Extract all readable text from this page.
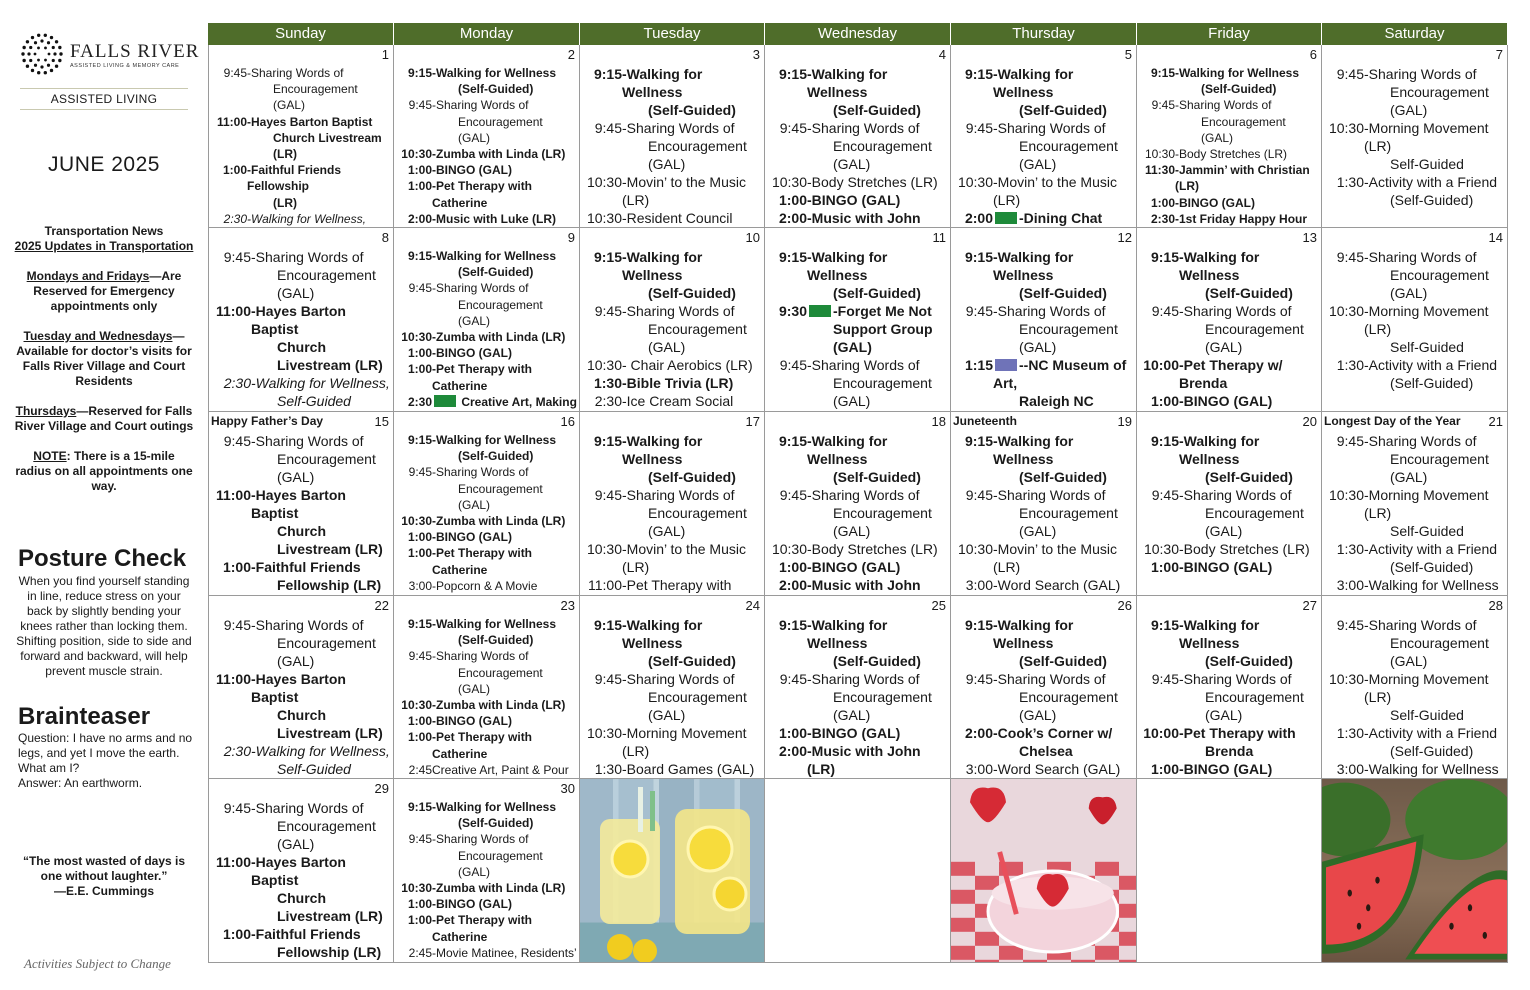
FALLS RIVER
ASSISTED LIVING & MEMORY CARE
ASSISTED LIVING
JUNE 2025

Transportation News

2025 Updates in Transportation

Mondays and Fridays—Are Reserved for Emergency appointments only

Tuesday and Wednesdays—Available for doctor’s visits for Falls River Village and Court Residents

Thursdays—Reserved for Falls River Village and Court outings

NOTE: There is a 15-mile radius on all appointments one way.

Posture Check
When you find yourself standing in line, reduce stress on your back by slightly bending your knees rather than locking them. Shifting position, side to side and forward and backward, will help prevent muscle strain.
Brainteaser
Question: I have no arms and no legs, and yet I move the earth. What am I?
Answer: An earthworm.
“The most wasted of days is one without laughter.”
—E.E. Cummings
Activities Subject to Change
Sunday	Monday	Tuesday	Wednesday	Thursday	Friday	Saturday
1
9:45 -Sharing Words of
Encouragement (GAL)
11:00 -Hayes Barton Baptist
Church Livestream (LR)
1:00 -Faithful Friends Fellowship
(LR)
2:30 -Walking for Wellness,
2
9:15 -Walking for Wellness
(Self-Guided)
9:45 -Sharing Words of
Encouragement (GAL)
10:30 -Zumba with Linda (LR)
1:00 -BINGO (GAL)
1:00 -Pet Therapy with Catherine
2:00 -Music with Luke (LR)
3
9:15 -Walking for Wellness
(Self-Guided)
9:45 -Sharing Words of
Encouragement (GAL)
10:30 -Movin’ to the Music (LR)
10:30 -Resident Council
4
9:15 -Walking for Wellness
(Self-Guided)
9:45 -Sharing Words of
Encouragement (GAL)
10:30 -Body Stretches (LR)
1:00 -BINGO (GAL)
2:00 -Music with John
5
9:15 -Walking for Wellness
(Self-Guided)
9:45 -Sharing Words of
Encouragement (GAL)
10:30 -Movin’ to the Music (LR)
2:00	-Dining Chat
6
9:15 -Walking for Wellness
(Self-Guided)
9:45 -Sharing Words of
Encouragement (GAL)
10:30 -Body Stretches (LR)
11:30 -Jammin’ with Christian (LR)
1:00 -BINGO (GAL)
2:30 -1st Friday Happy Hour
7
9:45 -Sharing Words of
Encouragement (GAL)
10:30 -Morning Movement (LR)
Self-Guided
1:30 -Activity with a Friend
(Self-Guided)
8
9:45 -Sharing Words of
Encouragement (GAL)
11:00 -Hayes Barton Baptist
Church Livestream (LR)
2:30 -Walking for Wellness,
Self-Guided
9
9:15 -Walking for Wellness
(Self-Guided)
9:45 -Sharing Words of
Encouragement (GAL)
10:30 -Zumba with Linda (LR)
1:00 -BINGO (GAL)
1:00 -Pet Therapy with Catherine
2:30	Creative Art, Making
10
9:15 -Walking for Wellness
(Self-Guided)
9:45 -Sharing Words of
Encouragement (GAL)
10:30 - Chair Aerobics (LR)
1:30 -Bible Trivia (LR)
2:30 -Ice Cream Social
11
9:15 -Walking for Wellness
(Self-Guided)
9:30	-Forget Me Not
Support Group (GAL)
9:45 -Sharing Words of
Encouragement (GAL)
12
9:15 -Walking for Wellness
(Self-Guided)
9:45 -Sharing Words of
Encouragement (GAL)
1:15	--NC Museum of Art,
Raleigh NC
13
9:15 -Walking for Wellness
(Self-Guided)
9:45 -Sharing Words of
Encouragement (GAL)
10:00 -Pet Therapy w/ Brenda
1:00 -BINGO (GAL)
14
9:45 -Sharing Words of
Encouragement (GAL)
10:30 -Morning Movement (LR)
Self-Guided
1:30 -Activity with a Friend
(Self-Guided)
15
Happy Father’s Day
9:45 -Sharing Words of
Encouragement (GAL)
11:00 -Hayes Barton Baptist
Church Livestream (LR)
1:00 -Faithful Friends
Fellowship (LR)
16
9:15 -Walking for Wellness
(Self-Guided)
9:45 -Sharing Words of
Encouragement (GAL)
10:30 -Zumba with Linda (LR)
1:00 -BINGO (GAL)
1:00 -Pet Therapy with Catherine
3:00 -Popcorn & A Movie
17
9:15 -Walking for Wellness
(Self-Guided)
9:45 -Sharing Words of
Encouragement (GAL)
10:30 -Movin’ to the Music (LR)
11:00 -Pet Therapy with
18
9:15 -Walking for Wellness
(Self-Guided)
9:45 -Sharing Words of
Encouragement (GAL)
10:30 -Body Stretches (LR)
1:00 -BINGO (GAL)
2:00 -Music with John
19
Juneteenth
9:15 -Walking for Wellness
(Self-Guided)
9:45 -Sharing Words of
Encouragement (GAL)
10:30 -Movin’ to the Music (LR)
3:00 -Word Search (GAL)
20
9:15 -Walking for Wellness
(Self-Guided)
9:45 -Sharing Words of
Encouragement (GAL)
10:30 -Body Stretches (LR)
1:00 -BINGO (GAL)
21
Longest Day of the Year
9:45 -Sharing Words of
Encouragement (GAL)
10:30 -Morning Movement (LR)
Self-Guided
1:30 -Activity with a Friend
(Self-Guided)
3:00 -Walking for Wellness
22
9:45 -Sharing Words of
Encouragement (GAL)
11:00 -Hayes Barton Baptist
Church Livestream (LR)
2:30 -Walking for Wellness,
Self-Guided
23
9:15 -Walking for Wellness
(Self-Guided)
9:45 -Sharing Words of
Encouragement (GAL)
10:30 -Zumba with Linda (LR)
1:00 -BINGO (GAL)
1:00 -Pet Therapy with Catherine
2:45 Creative Art, Paint & Pour
24
9:15 -Walking for Wellness
(Self-Guided)
9:45 -Sharing Words of
Encouragement (GAL)
10:30 -Morning Movement (LR)
1:30 -Board Games (GAL)
25
9:15 -Walking for Wellness
(Self-Guided)
9:45 -Sharing Words of
Encouragement (GAL)
1:00 -BINGO (GAL)
2:00 -Music with John (LR)
26
9:15 -Walking for Wellness
(Self-Guided)
9:45 -Sharing Words of
Encouragement (GAL)
2:00 -Cook’s Corner w/
Chelsea
3:00 -Word Search (GAL)
27
9:15 -Walking for Wellness
(Self-Guided)
9:45 -Sharing Words of
Encouragement (GAL)
10:00 -Pet Therapy with
Brenda
1:00 -BINGO (GAL)
28
9:45 -Sharing Words of
Encouragement (GAL)
10:30 -Morning Movement (LR)
Self-Guided
1:30 -Activity with a Friend
(Self-Guided)
3:00 -Walking for Wellness
29
9:45 -Sharing Words of
Encouragement (GAL)
11:00 -Hayes Barton Baptist
Church Livestream (LR)
1:00 -Faithful Friends
Fellowship (LR)
30
9:15 -Walking for Wellness
(Self-Guided)
9:45 -Sharing Words of
Encouragement (GAL)
10:30 -Zumba with Linda (LR)
1:00 -BINGO (GAL)
1:00 -Pet Therapy with Catherine
2:45 -Movie Matinee, Residents’
